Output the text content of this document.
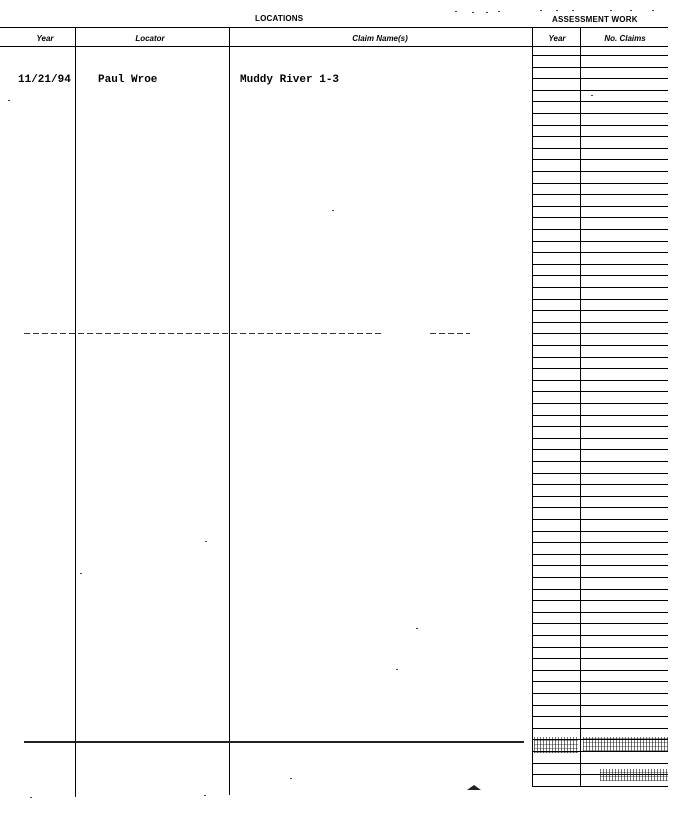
LOCATIONS	ASSESSMENT WORK
Year	Locator	Claim Name(s)	Year	No. Claims
11/21/94 Paul Wroe	Muddy River 1-3
